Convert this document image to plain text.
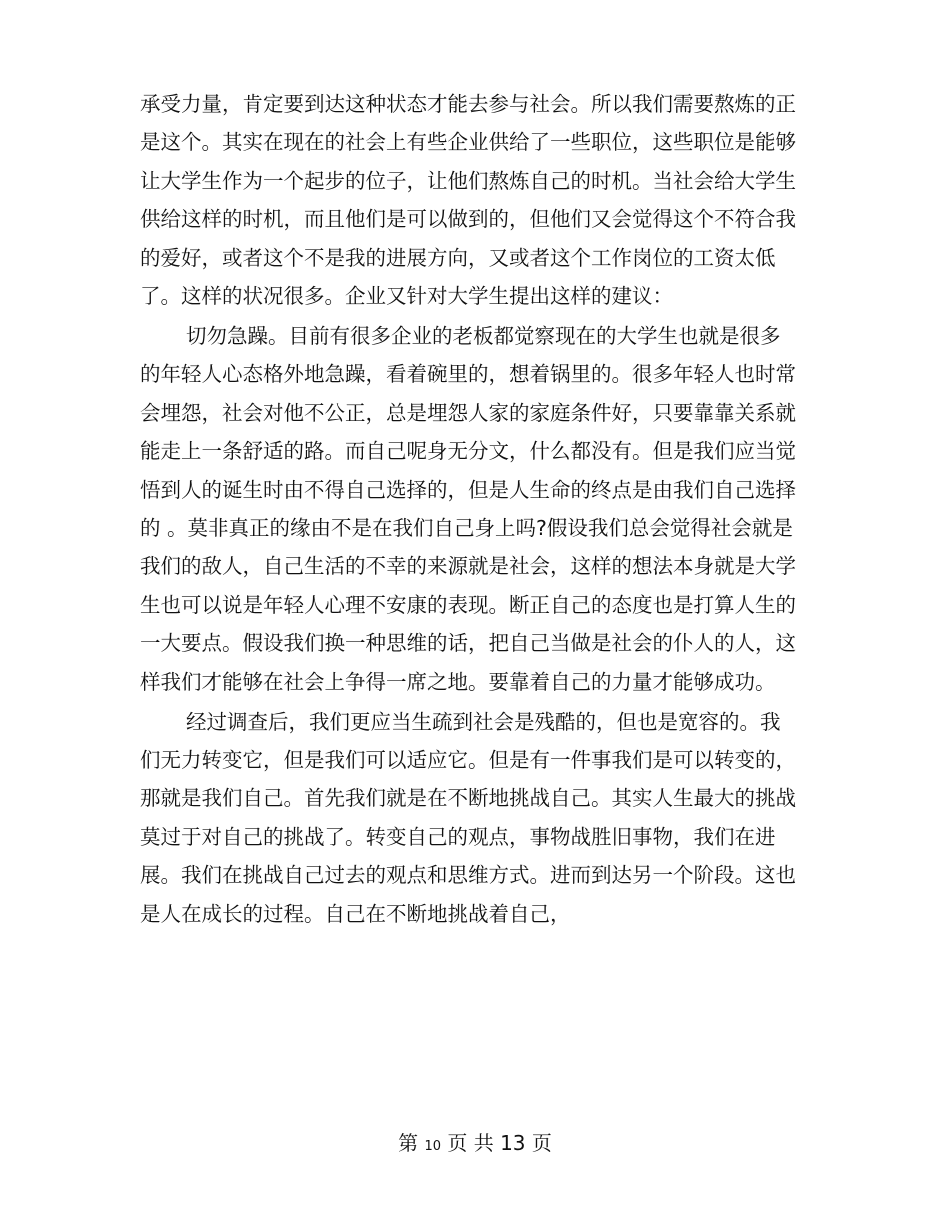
承受力量，肯定要到达这种状态才能去参与社会。所以我们需要熬炼的正是这个。其实在现在的社会上有些企业供给了一些职位，这些职位是能够让大学生作为一个起步的位子，让他们熬炼自己的时机。当社会给大学生供给这样的时机，而且他们是可以做到的，但他们又会觉得这个不符合我的爱好，或者这个不是我的进展方向，又或者这个工作岗位的工资太低了。这样的状况很多。企业又针对大学生提出这样的建议：

切勿急躁。目前有很多企业的老板都觉察现在的大学生也就是很多的年轻人心态格外地急躁，看着碗里的，想着锅里的。很多年轻人也时常会埋怨，社会对他不公正，总是埋怨人家的家庭条件好，只要靠靠关系就能走上一条舒适的路。而自己呢身无分文，什么都没有。但是我们应当觉悟到人的诞生时由不得自己选择的，但是人生命的终点是由我们自己选择的 。莫非真正的缘由不是在我们自己身上吗?假设我们总会觉得社会就是我们的敌人，自己生活的不幸的来源就是社会，这样的想法本身就是大学生也可以说是年轻人心理不安康的表现。断正自己的态度也是打算人生的一大要点。假设我们换一种思维的话，把自己当做是社会的仆人的人，这样我们才能够在社会上争得一席之地。要靠着自己的力量才能够成功。

经过调查后，我们更应当生疏到社会是残酷的，但也是宽容的。我们无力转变它，但是我们可以适应它。但是有一件事我们是可以转变的，那就是我们自己。首先我们就是在不断地挑战自己。其实人生最大的挑战莫过于对自己的挑战了。转变自己的观点，事物战胜旧事物，我们在进展。我们在挑战自己过去的观点和思维方式。进而到达另一个阶段。这也是人在成长的过程。自己在不断地挑战着自己，

第 10 页 共 13 页
